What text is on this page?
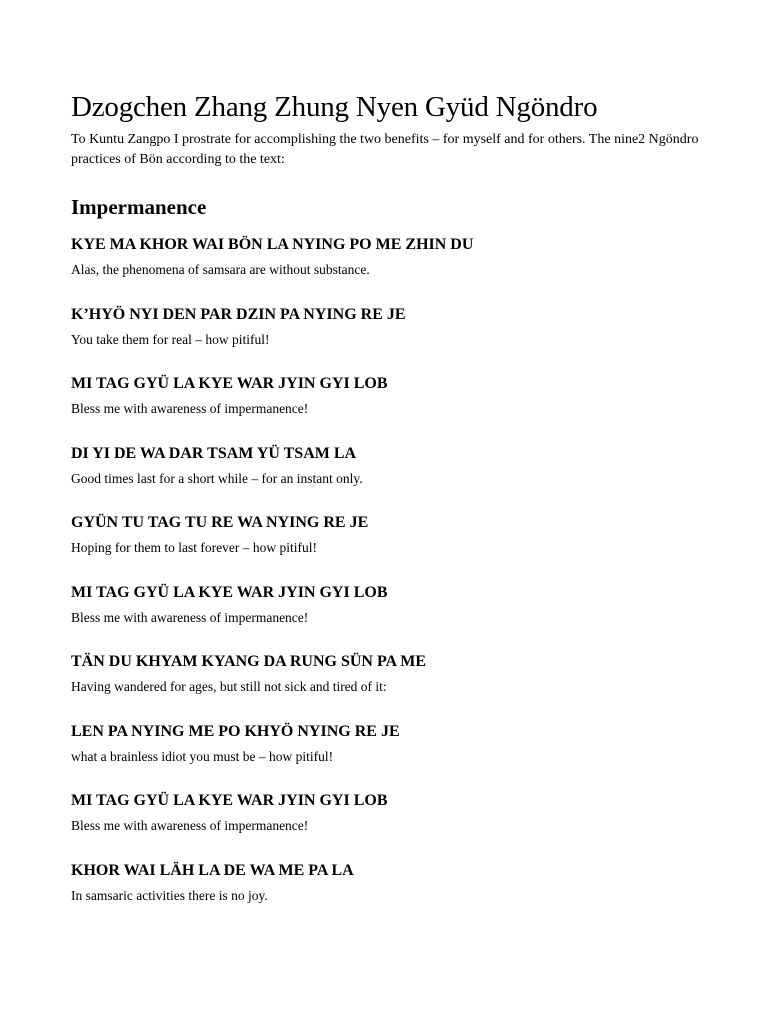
Dzogchen Zhang Zhung Nyen Gyüd Ngöndro

To Kuntu Zangpo I prostrate for accomplishing the two benefits – for myself and for others. The nine2 Ngöndro practices of Bön according to the text:

Impermanence

KYE MA KHOR WAI BÖN LA NYING PO ME ZHIN DU

Alas, the phenomena of samsara are without substance.

K’HYÖ NYI DEN PAR DZIN PA NYING RE JE

You take them for real – how pitiful!

MI TAG GYÜ LA KYE WAR JYIN GYI LOB

Bless me with awareness of impermanence!

DI YI DE WA DAR TSAM YÜ TSAM LA

Good times last for a short while – for an instant only.

GYÜN TU TAG TU RE WA NYING RE JE

Hoping for them to last forever – how pitiful!

MI TAG GYÜ LA KYE WAR JYIN GYI LOB

Bless me with awareness of impermanence!

TÄN DU KHYAM KYANG DA RUNG SÜN PA ME

Having wandered for ages, but still not sick and tired of it:

LEN PA NYING ME PO KHYÖ NYING RE JE

what a brainless idiot you must be – how pitiful!

MI TAG GYÜ LA KYE WAR JYIN GYI LOB

Bless me with awareness of impermanence!

KHOR WAI LÄH LA DE WA ME PA LA

In samsaric activities there is no joy.
